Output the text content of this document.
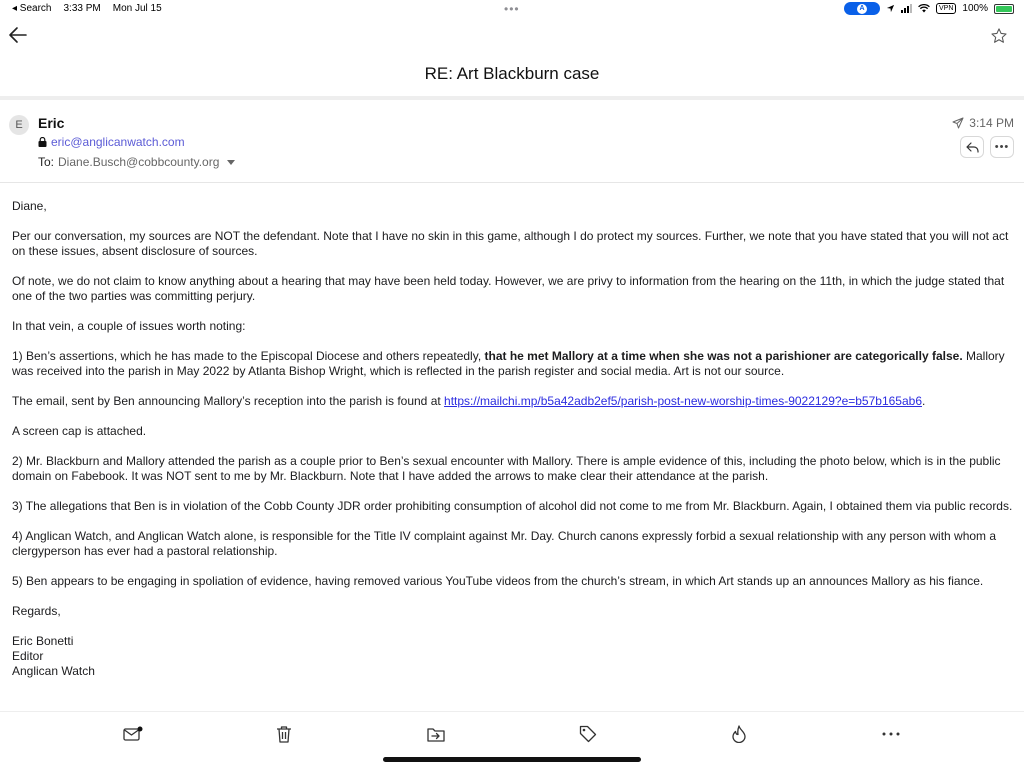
◂ Search 3:33 PM Mon Jul 15	•••	A	VPN 100%
RE: Art Blackburn case
E	Eric
eric@anglicanwatch.com
To: Diane.Busch@cobbcounty.org
3:14 PM
•••

Diane,

Per our conversation, my sources are NOT the defendant. Note that I have no skin in this game, although I do protect my sources. Further, we note that you have stated that you will not act on these issues, absent disclosure of sources.

Of note, we do not claim to know anything about a hearing that may have been held today. However, we are privy to information from the hearing on the 11th, in which the judge stated that one of the two parties was committing perjury.

In that vein, a couple of issues worth noting:

1) Ben’s assertions, which he has made to the Episcopal Diocese and others repeatedly, that he met Mallory at a time when she was not a parishioner are categorically false. Mallory was received into the parish in May 2022 by Atlanta Bishop Wright, which is reflected in the parish register and social media. Art is not our source.

The email, sent by Ben announcing Mallory’s reception into the parish is found at https://mailchi.mp/b5a42adb2ef5/parish-post-new-worship-times-9022129?e=b57b165ab6.

A screen cap is attached.

2) Mr. Blackburn and Mallory attended the parish as a couple prior to Ben’s sexual encounter with Mallory. There is ample evidence of this, including the photo below, which is in the public domain on Fabebook. It was NOT sent to me by Mr. Blackburn. Note that I have added the arrows to make clear their attendance at the parish.

3) The allegations that Ben is in violation of the Cobb County JDR order prohibiting consumption of alcohol did not come to me from Mr. Blackburn. Again, I obtained them via public records.

4) Anglican Watch, and Anglican Watch alone, is responsible for the Title IV complaint against Mr. Day. Church canons expressly forbid a sexual relationship with any person with whom a clergyperson has ever had a pastoral relationship.

5) Ben appears to be engaging in spoliation of evidence, having removed various YouTube videos from the church’s stream, in which Art stands up an announces Mallory as his fiance.

Regards,

Eric Bonetti
Editor
Anglican Watch
